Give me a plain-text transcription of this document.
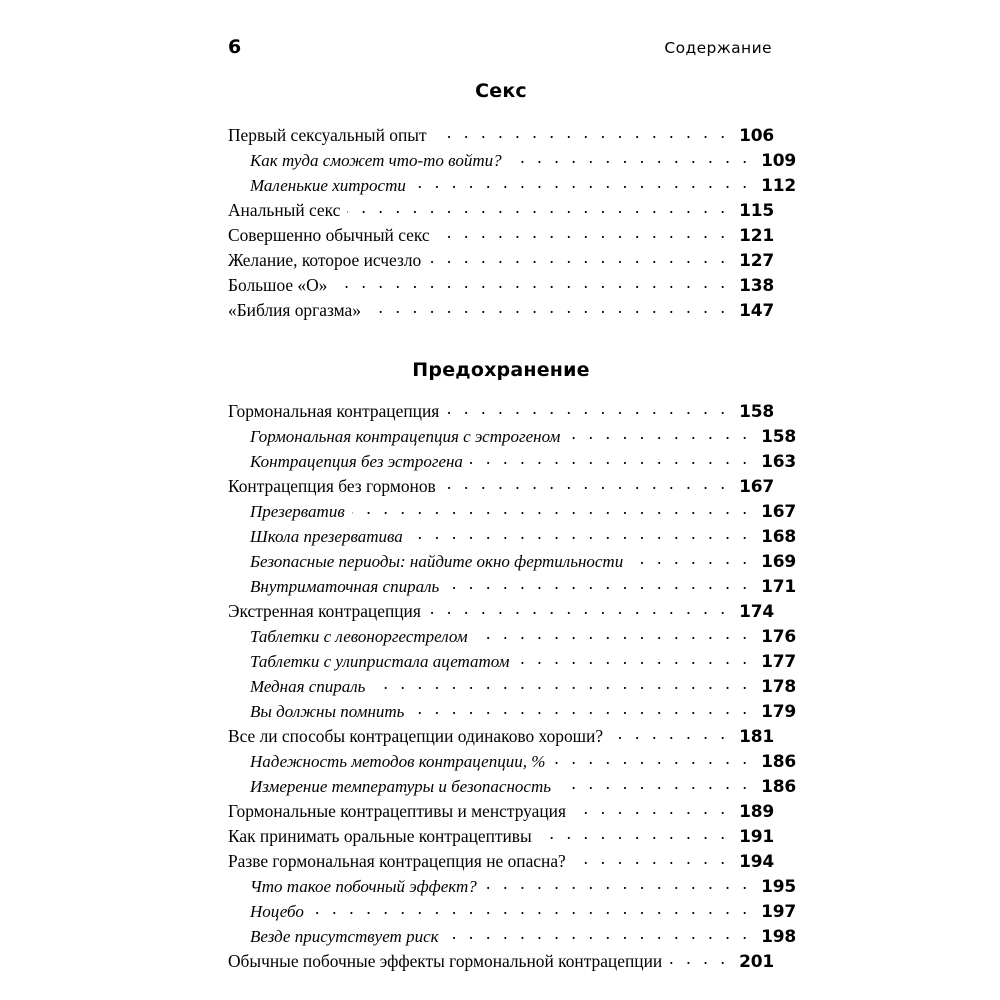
6	Содержание
Секс
Первый сексуальный опыт . . .	106
Как туда сможет что-то войти? . . .	109
Маленькие хитрости . . .	112
Анальный секс . . .	115
Совершенно обычный секс . . .	121
Желание, которое исчезло . . .	127
Большое «О» . . .	138
«Библия оргазма» . . .	147
Предохранение
Гормональная контрацепция . . .	158
Гормональная контрацепция с эстрогеном . . .	158
Контрацепция без эстрогена . . .	163
Контрацепция без гормонов . . .	167
Презерватив . . .	167
Школа презерватива . . .	168
Безопасные периоды: найдите окно фертильности . . .	169
Внутриматочная спираль . . .	171
Экстренная контрацепция . . .	174
Таблетки с левоноргестрелом . . .	176
Таблетки с улипристала ацетатом . . .	177
Медная спираль . . .	178
Вы должны помнить . . .	179
Все ли способы контрацепции одинаково хороши? . . .	181
Надежность методов контрацепции, % . . .	186
Измерение температуры и безопасность . . .	186
Гормональные контрацептивы и менструация . . .	189
Как принимать оральные контрацептивы . . .	191
Разве гормональная контрацепция не опасна? . . .	194
Что такое побочный эффект? . . .	195
Ноцебо . . .	197
Везде присутствует риск . . .	198
Обычные побочные эффекты гормональной контрацепции . . .	201
